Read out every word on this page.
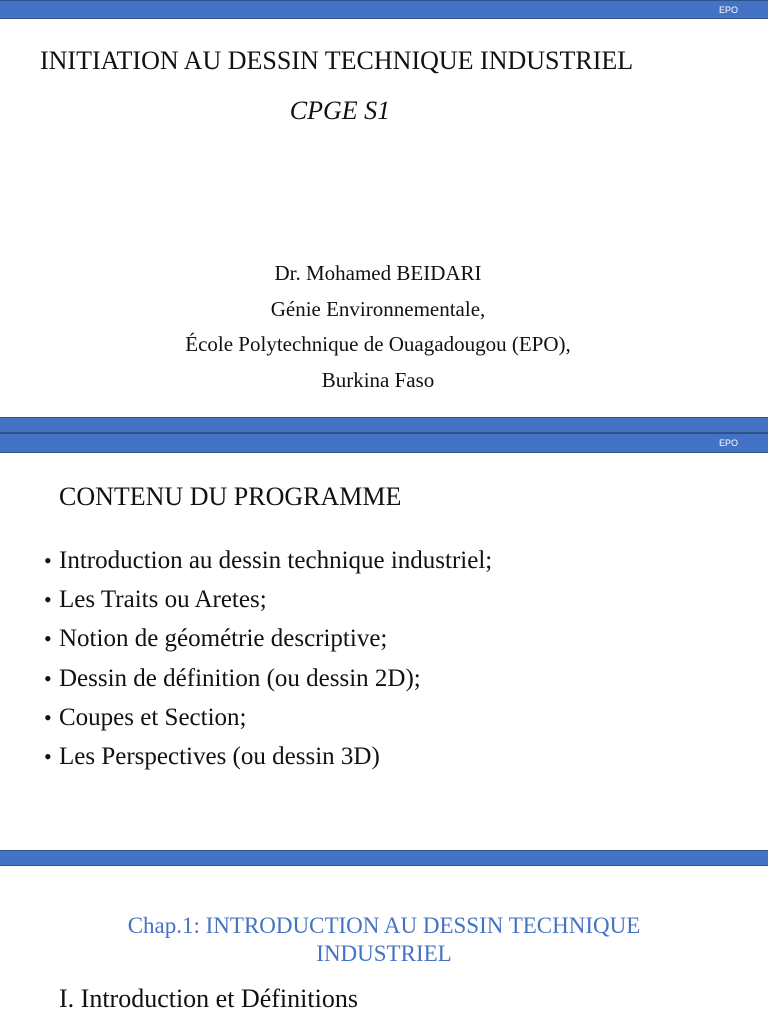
EPO
INITIATION AU DESSIN TECHNIQUE INDUSTRIEL
CPGE S1
Dr. Mohamed BEIDARI
Génie Environnementale,
École Polytechnique de Ouagadougou (EPO),
Burkina Faso
EPO
CONTENU DU PROGRAMME
• Introduction au dessin technique industriel;
• Les Traits ou Aretes;
• Notion de géométrie descriptive;
• Dessin de définition (ou dessin 2D);
• Coupes et Section;
• Les Perspectives (ou dessin 3D)
Chap.1: INTRODUCTION AU DESSIN TECHNIQUE
INDUSTRIEL
I. Introduction et Définitions
